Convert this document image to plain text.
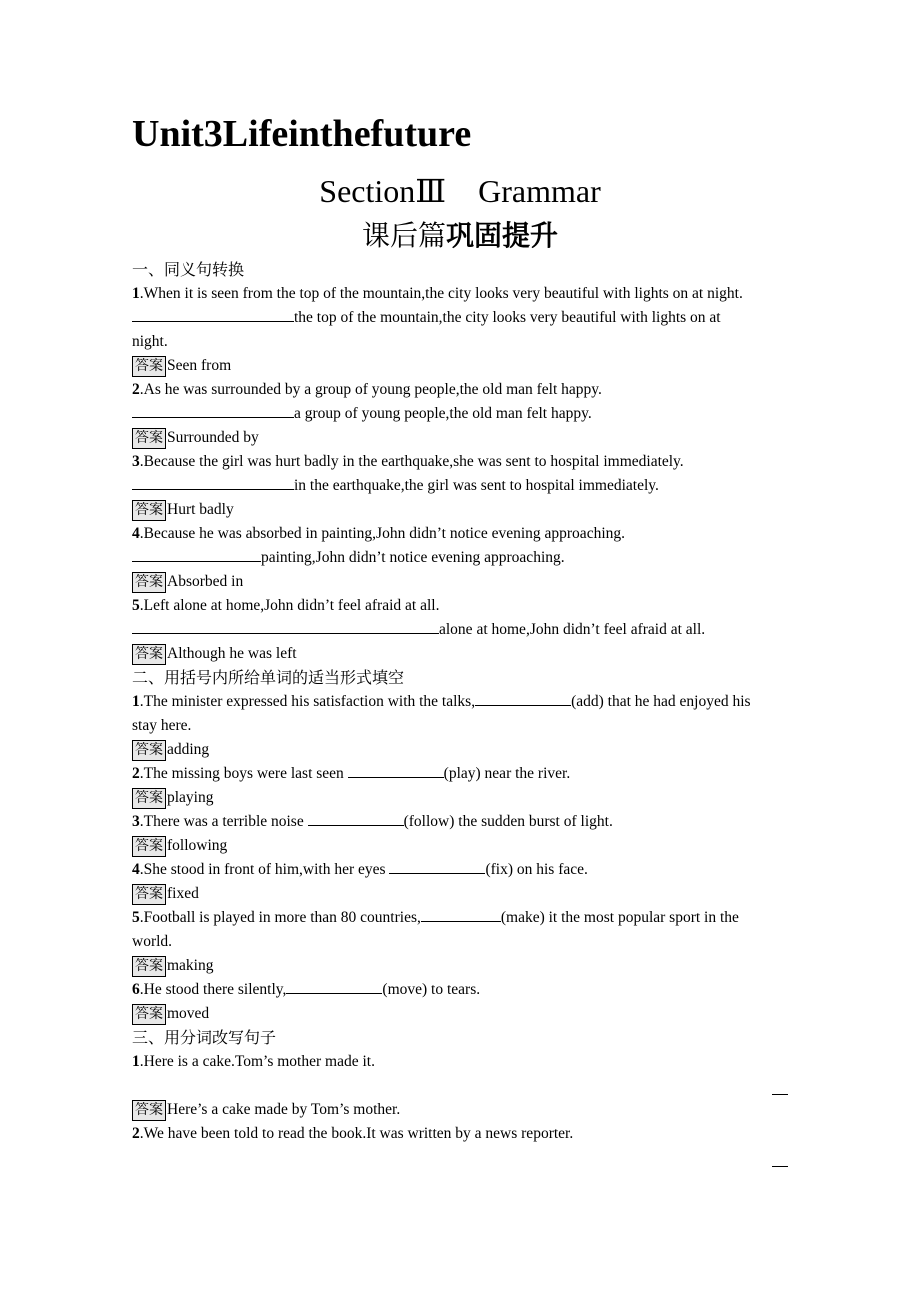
Unit3Lifeinthefuture
SectionⅢ　Grammar
课后篇巩固提升
一、同义句转换
1.When it is seen from the top of the mountain,the city looks very beautiful with lights on at night.
the top of the mountain,the city looks very beautiful with lights on at
night.
答案 Seen from
2.As he was surrounded by a group of young people,the old man felt happy.
a group of young people,the old man felt happy.
答案 Surrounded by
3.Because the girl was hurt badly in the earthquake,she was sent to hospital immediately.
in the earthquake,the girl was sent to hospital immediately.
答案 Hurt badly
4.Because he was absorbed in painting,John didn’t notice evening approaching.
painting,John didn’t notice evening approaching.
答案 Absorbed in
5.Left alone at home,John didn’t feel afraid at all.
alone at home,John didn’t feel afraid at all.
答案 Although he was left
二、用括号内所给单词的适当形式填空
1.The minister expressed his satisfaction with the talks,	(add) that he had enjoyed his
stay here.
答案 adding
2.The missing boys were last seen	(play) near the river.
答案 playing
3.There was a terrible noise	(follow) the sudden burst of light.
答案 following
4.She stood in front of him,with her eyes	(fix) on his face.
答案 fixed
5.Football is played in more than 80 countries,	(make) it the most popular sport in the
world.
答案 making
6.He stood there silently,	(move) to tears.
答案 moved
三、用分词改写句子
1.Here is a cake.Tom’s mother made it.
答案 Here’s a cake made by Tom’s mother.
2.We have been told to read the book.It was written by a news reporter.
